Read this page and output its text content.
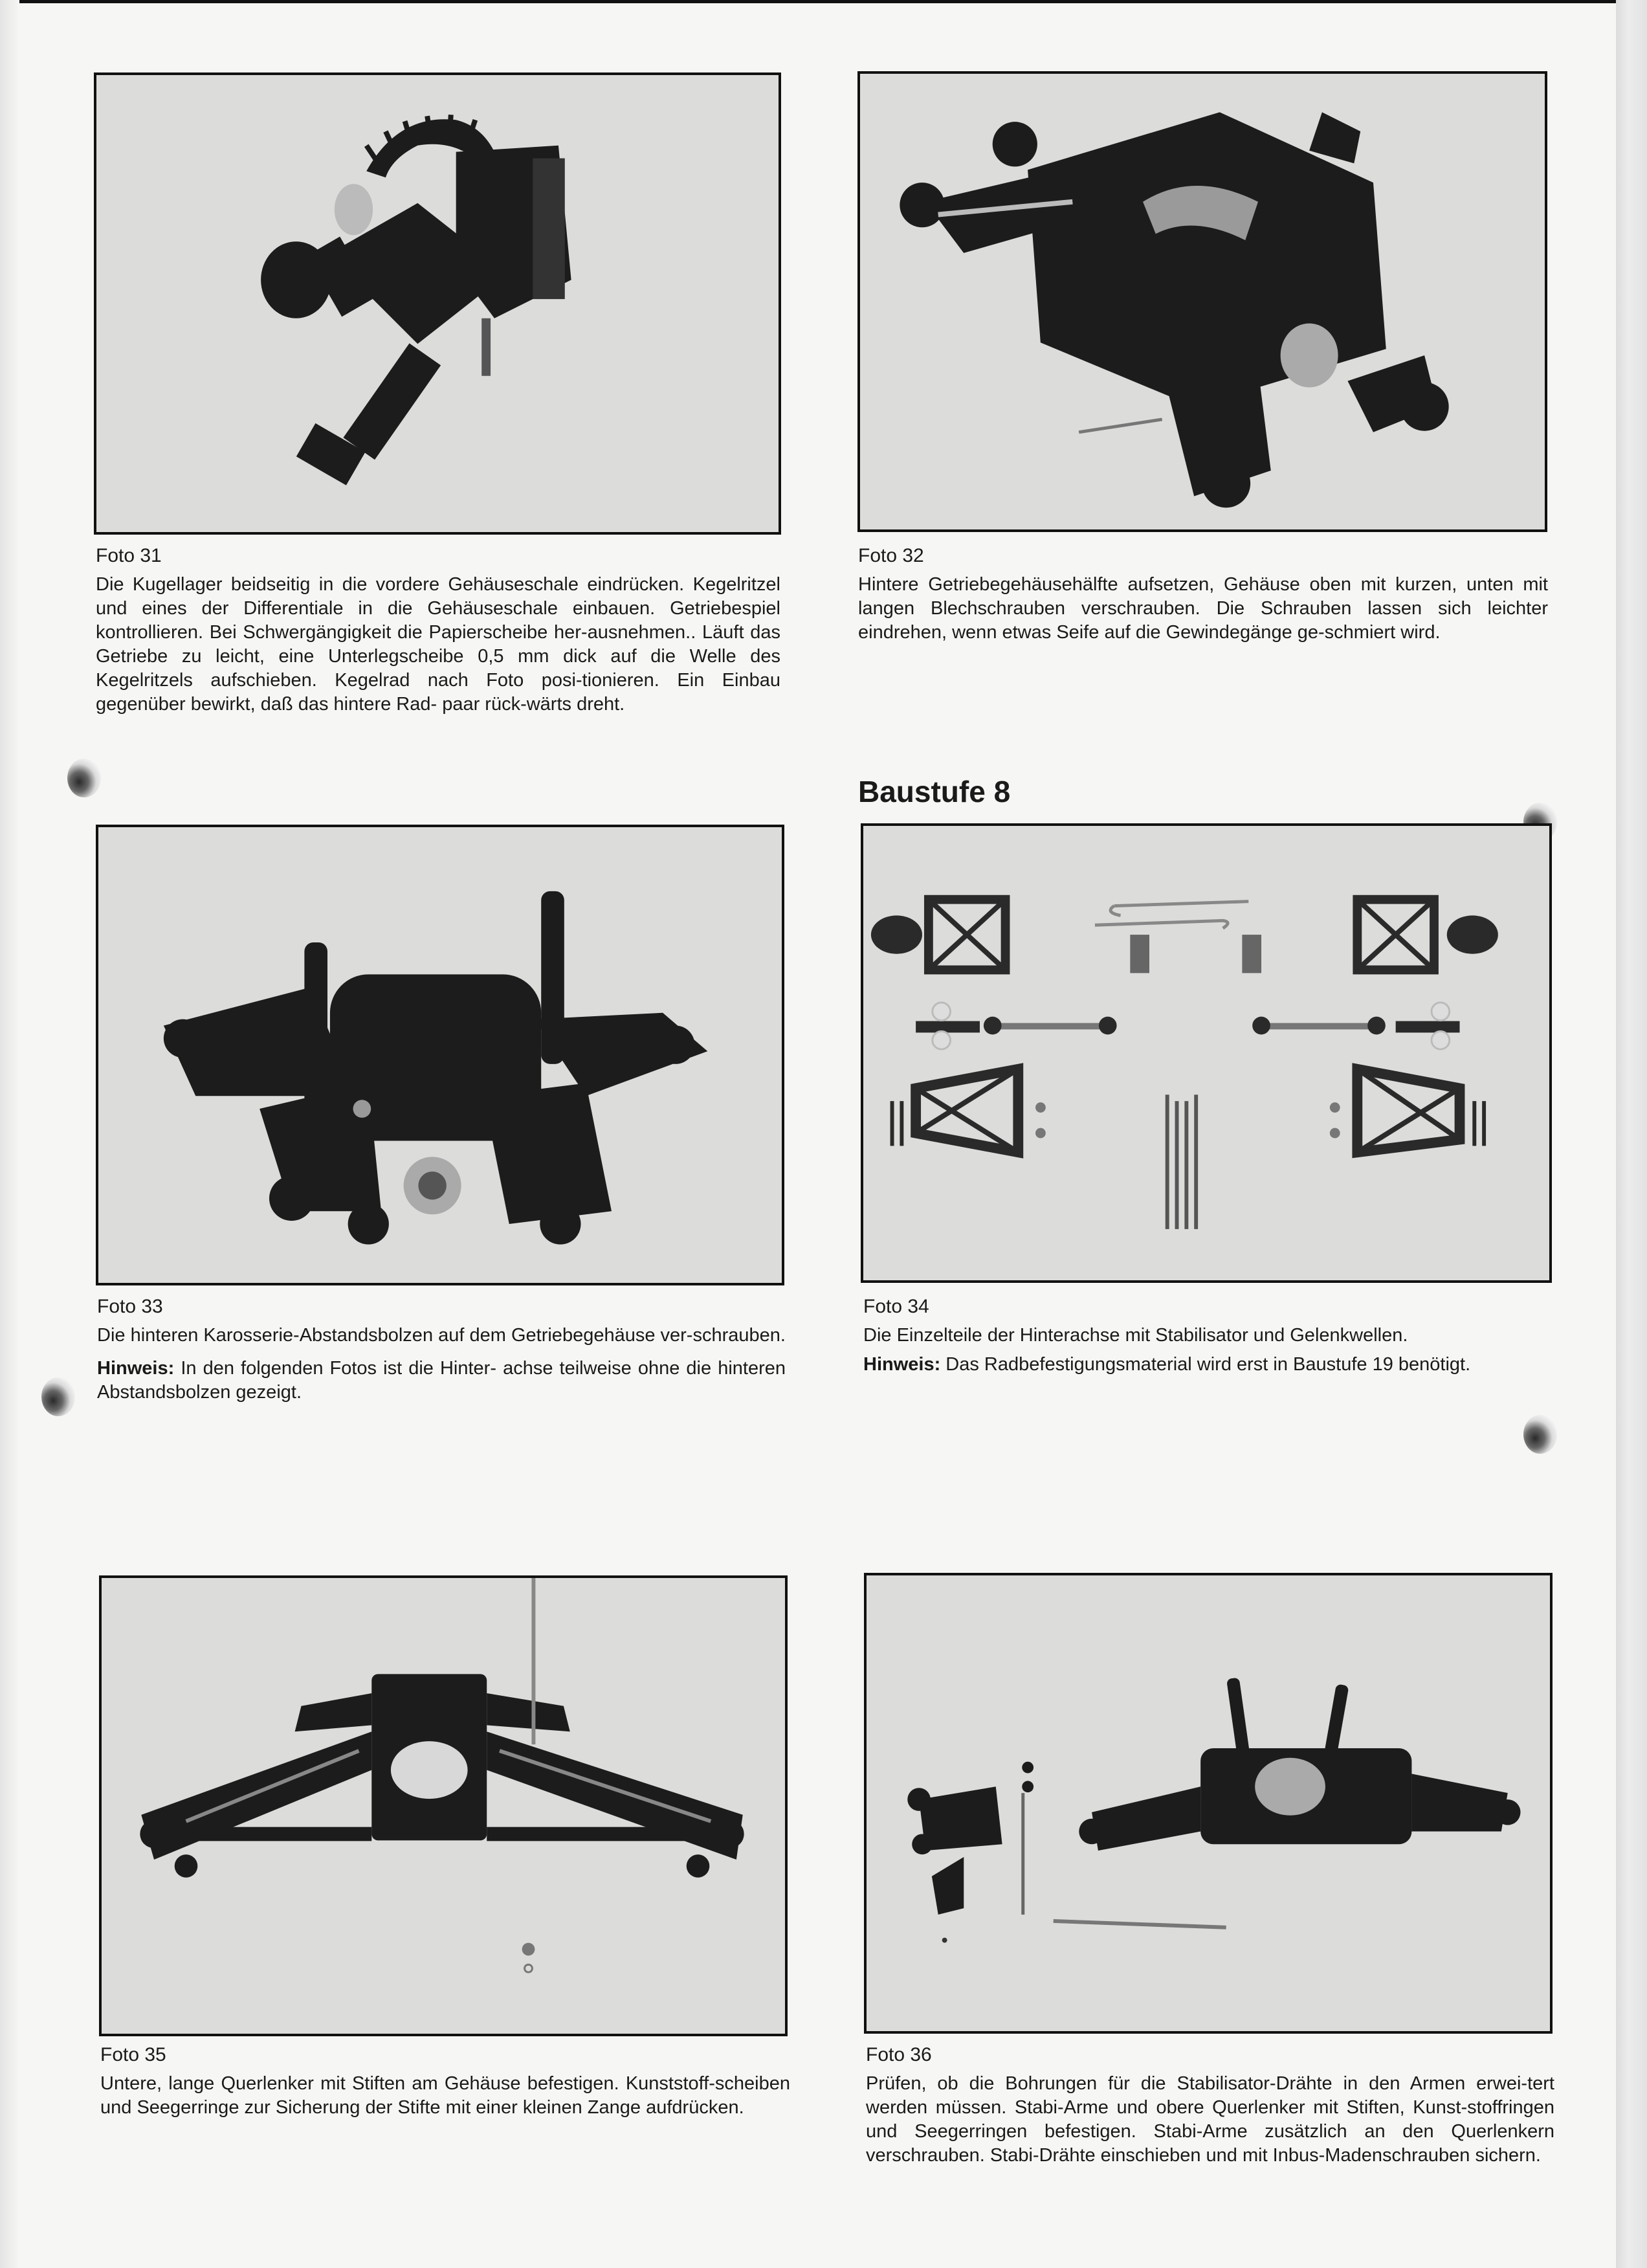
Foto 31

Die Kugellager beidseitig in die vordere Gehäuseschale eindrücken. Kegelritzel und eines der Differentiale in die Gehäuseschale einbauen. Getriebespiel kontrollieren. Bei Schwergängigkeit die Papierscheibe her-ausnehmen.. Läuft das Getriebe zu leicht, eine Unterlegscheibe 0,5 mm dick auf die Welle des Kegelritzels aufschieben. Kegelrad nach Foto posi-tionieren. Ein Einbau gegenüber bewirkt, daß das hintere Rad- paar rück-wärts dreht.

Foto 32

Hintere Getriebegehäusehälfte aufsetzen, Gehäuse oben mit kurzen, unten mit langen Blechschrauben verschrauben. Die Schrauben lassen sich leichter eindrehen, wenn etwas Seife auf die Gewindegänge ge-schmiert wird.

Baustufe 8
Foto 33

Die hinteren Karosserie-Abstandsbolzen auf dem Getriebegehäuse ver-schrauben.

Hinweis: In den folgenden Fotos ist die Hinter- achse teilweise ohne die hinteren Abstandsbolzen gezeigt.

Foto 34

Die Einzelteile der Hinterachse mit Stabilisator und Gelenkwellen.

Hinweis: Das Radbefestigungsmaterial wird erst in Baustufe 19 benötigt.

Foto 35

Untere, lange Querlenker mit Stiften am Gehäuse befestigen. Kunststoff-scheiben und Seegerringe zur Sicherung der Stifte mit einer kleinen Zange aufdrücken.

Foto 36

Prüfen, ob die Bohrungen für die Stabilisator-Drähte in den Armen erwei-tert werden müssen. Stabi-Arme und obere Querlenker mit Stiften, Kunst-stoffringen und Seegerringen befestigen. Stabi-Arme zusätzlich an den Querlenkern verschrauben. Stabi-Drähte einschieben und mit Inbus-Madenschrauben sichern.
